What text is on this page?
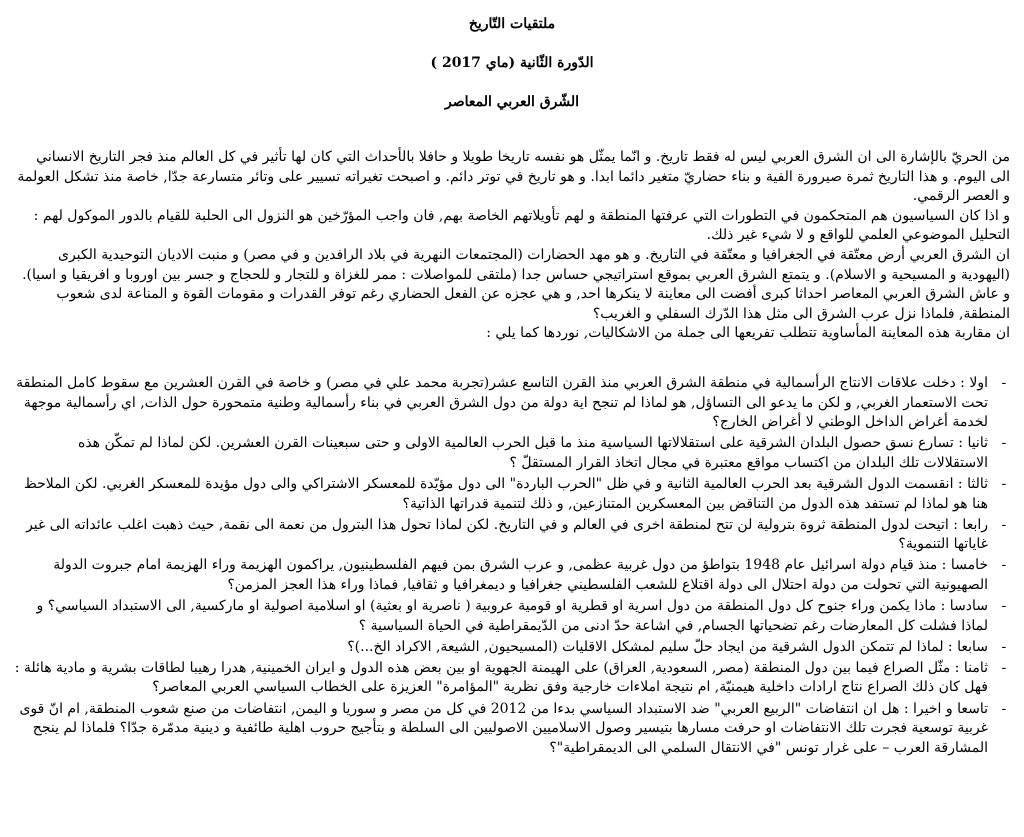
ملتقيات التّاريخ
الدّورة الثّانية (ماي 2017 )
الشّرق العربي المعاصر

من الحريّ بالإشارة الى ان الشرق العربي ليس له فقط تاريخ. و انّما يمثّل هو نفسه تاريخا طويلا و حافلا بالأحداث التي كان لها تأثير في كل العالم منذ فجر التاريخ الانساني الى اليوم. و هذا التاريخ ثمرة صيرورة الفية و بناء حضاريّ متغير دائما ابدا. و هو تاريخ في توتر دائم. و اصبحت تغيراته تسيير على وتائر متسارعة جدّا, خاصة منذ تشكل العولمة و العصر الرقمي.

و اذا كان السياسيون هم المتحكمون في التطورات التي عرفتها المنطقة و لهم تأويلاتهم الخاصة بهم, فان واجب المؤرّخين هو النزول الى الحلبة للقيام بالدور الموكول لهم : التحليل الموضوعي العلمي للواقع و لا شيء غير ذلك.

ان الشرق العربي أرض معتّقة في الجغرافيا و معتّقة في التاريخ. و هو مهد الحضارات (المجتمعات النهرية في بلاد الرافدين و في مصر) و منبت الاديان التوحيدية الكبرى (اليهودية و المسيحية و الاسلام). و يتمتع الشرق العربي بموقع استراتيجي حساس جدا (ملتقى للمواصلات : ممر للغزاة و للتجار و للحجاج و جسر بين اوروبا و افريقيا و اسيا).

و عاش الشرق العربي المعاصر احداثا كبرى أفضت الى معاينة لا ينكرها احد, و هي عجزه عن الفعل الحضاري رغم توفر القدرات و مقومات القوة و المناعة لدى شعوب المنطقة, فلماذا نزل عرب الشرق الى مثل هذا الدّرك السفلي و الغريب؟

ان مقاربة هذه المعاينة المأساوية تتطلب تفريعها الى جملة من الاشكاليات, نوردها كما يلي :

-
اولا : دخلت علاقات الانتاج الرأسمالية في منطقة الشرق العربي منذ القرن التاسع عشر(تجربة محمد علي في مصر) و خاصة في القرن العشرين مع سقوط كامل المنطقة تحت الاستعمار الغربي, و لكن ما يدعو الى التساؤل, هو لماذا لم تنجح اية دولة من دول الشرق العربي في بناء رأسمالية وطنية متمحورة حول الذات, اي رأسمالية موجهة لخدمة أغراض الداخل الوطني لا أغراض الخارج؟
-
ثانيا : تسارع نسق حصول البلدان الشرقية على استقلالاتها السياسية منذ ما قبل الحرب العالمية الاولى و حتى سبعينات القرن العشرين. لكن لماذا لم تمكّن هذه الاستقلالات تلك البلدان من اكتساب مواقع معتبرة في مجال اتخاذ القرار المستقلّ ؟
-
ثالثا : انقسمت الدول الشرقية بعد الحرب العالمية الثانية و في ظل "الحرب الباردة" الى دول مؤيّدة للمعسكر الاشتراكي والى دول مؤيدة للمعسكر الغربي. لكن الملاحظ هنا هو لماذا لم تستفد هذه الدول من التناقض بين المعسكرين المتنازعين, و ذلك لتنمية قدراتها الذاتية؟
-
رابعا : اتيحت لدول المنطقة ثروة بترولية لن تتح لمنطقة اخرى في العالم و في التاريخ. لكن لماذا تحول هذا البترول من نعمة الى نقمة, حيث ذهبت اغلب عائداته الى غير غاياتها التنموية؟
-
خامسا : منذ قيام دولة اسرائيل عام 1948 بتواطؤ من دول غربية عظمى, و عرب الشرق بمن فيهم الفلسطينيون, يراكمون الهزيمة وراء الهزيمة امام جبروت الدولة الصهيونية التي تحولت من دولة احتلال الى دولة اقتلاع للشعب الفلسطيني جغرافيا و ديمغرافيا و ثقافيا, فماذا وراء هذا العجز المزمن؟
-
سادسا : ماذا يكمن وراء جنوح كل دول المنطقة من دول اسرية او قطرية او قومية عروبية ( ناصرية او بعثية) او اسلامية اصولية او ماركسية, الى الاستبداد السياسي؟ و لماذا فشلت كل المعارضات رغم تضحياتها الجسام, في اشاعة حدّ ادنى من الدّيمقراطية في الحياة السياسية ؟
-
سابعا : لماذا لم تتمكن الدول الشرقية من ايجاد حلّ سليم لمشكل الاقليات (المسيحيون, الشيعة, الاكراد الخ...)؟
-
ثامنا : مثّل الصراع فيما بين دول المنطقة (مصر, السعودية, العراق) على الهيمنة الجهوية او بين بعض هذه الدول و ايران الخمينية, هدرا رهيبا لطاقات بشرية و مادية هائلة : فهل كان ذلك الصراع نتاج ارادات داخلية هيمنيّة, ام نتيجة املاءات خارجية وفق نظرية "المؤامرة" العزيزة على الخطاب السياسي العربي المعاصر؟
-
تاسعا و اخيرا : هل ان انتفاضات "الربيع العربي" ضد الاستبداد السياسي بدءا من 2012 في كل من مصر و سوريا و اليمن, انتفاضات من صنع شعوب المنطقة, ام انّ قوى غربية توسعية فجرت تلك الانتفاضات او حرفت مسارها بتيسير وصول الاسلاميين الاصوليين الى السلطة و بتأجيج حروب اهلية طائفية و دينية مدمّرة جدّا؟ فلماذا لم ينجح المشارقة العرب – على غرار تونس "في الانتقال السلمي الى الديمقراطية"؟
